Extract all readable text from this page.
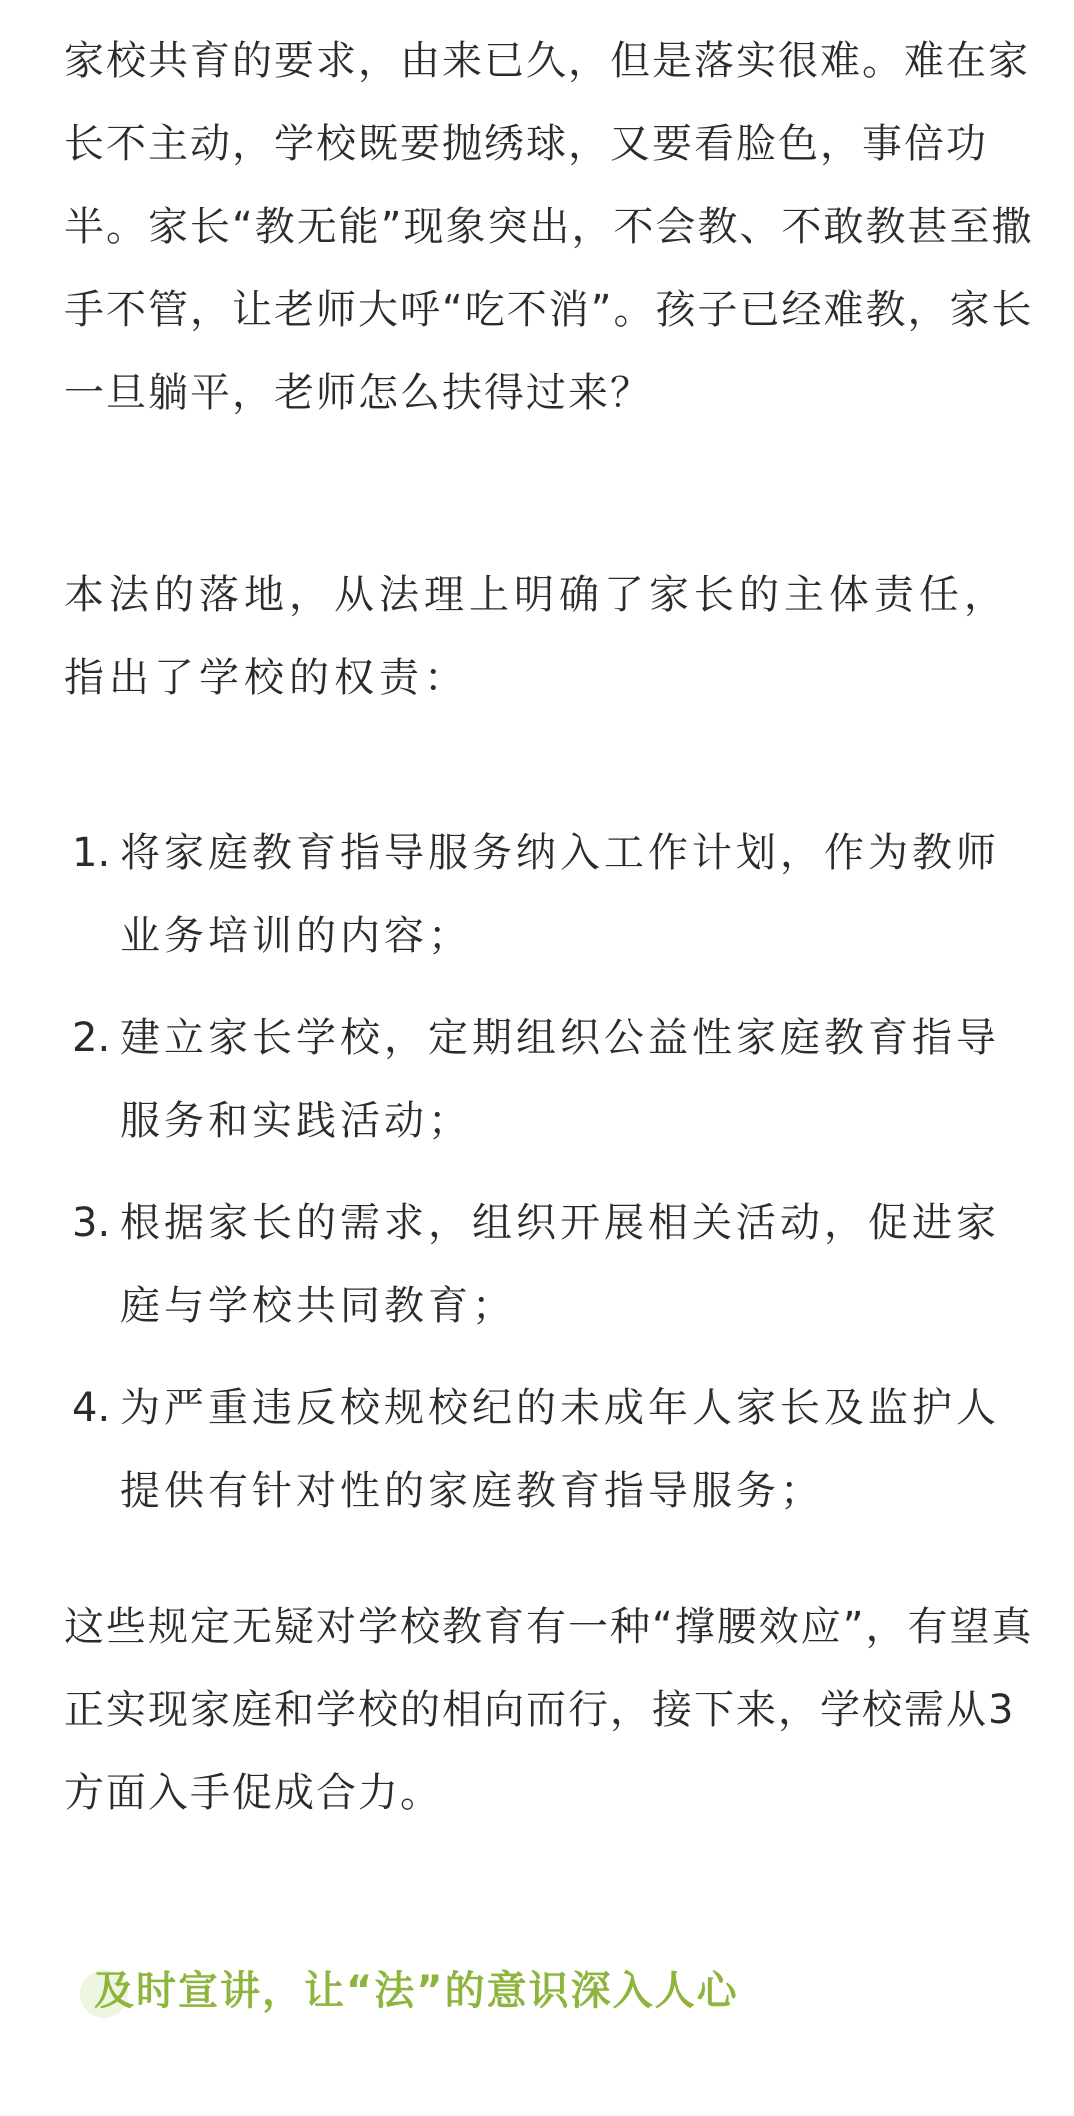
家校共育的要求，由来已久，但是落实很难。难在家长不主动，学校既要抛绣球，又要看脸色，事倍功半。家长“教无能”现象突出，不会教、不敢教甚至撒手不管，让老师大呼“吃不消”。孩子已经难教，家长一旦躺平，老师怎么扶得过来？

本法的落地，从法理上明确了家长的主体责任，指出了学校的权责：

1. 将家庭教育指导服务纳入工作计划，作为教师业务培训的内容；
2. 建立家长学校，定期组织公益性家庭教育指导服务和实践活动；
3. 根据家长的需求，组织开展相关活动，促进家庭与学校共同教育；
4. 为严重违反校规校纪的未成年人家长及监护人提供有针对性的家庭教育指导服务；

这些规定无疑对学校教育有一种“撑腰效应”，有望真正实现家庭和学校的相向而行，接下来，学校需从3方面入手促成合力。

及时宣讲，让“法”的意识深入人心
